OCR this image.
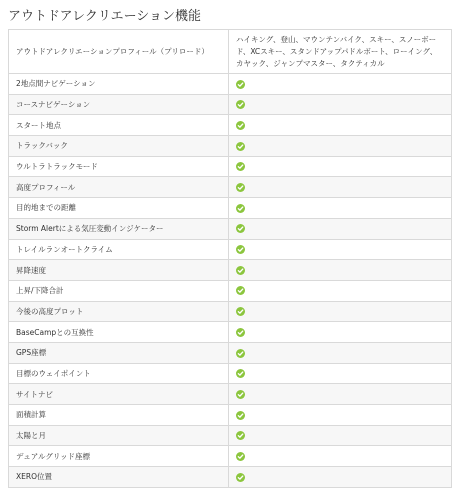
アウトドアレクリエーション機能
アウトドアレクリエーションプロフィール（プリロード）	ハイキング、登山、マウンテンバイク、スキー、スノーボード、XCスキー、スタンドアップパドルボート、ローイング、カヤック、ジャンプマスター、タクティカル
2地点間ナビゲーション	

コースナビゲーション	

スタート地点	

トラックバック	

ウルトラトラックモード	

高度プロフィール	

目的地までの距離	

Storm Alertによる気圧変動インジケーター	

トレイルランオートクライム	

昇降速度	

上昇/下降合計	

今後の高度プロット	

BaseCampとの互換性	

GPS座標	

目標のウェイポイント	

サイトナビ	

面積計算	

太陽と月	

デュアルグリッド座標	

XERO位置	
